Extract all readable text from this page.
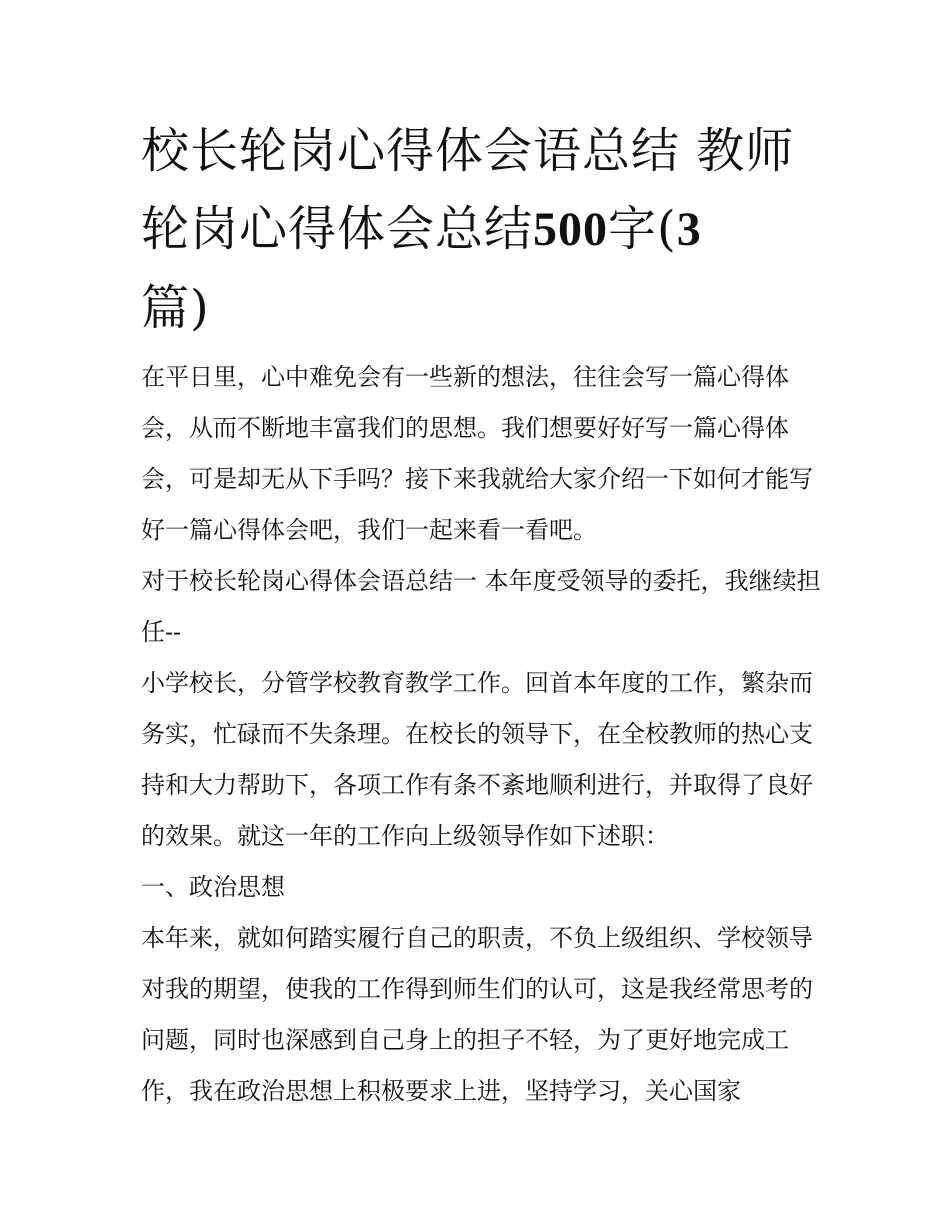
校长轮岗心得体会语总结 教师轮岗心得体会总结500字(3
篇)

在平日里，心中难免会有一些新的想法，往往会写一篇心得体会，从而不断地丰富我们的思想。我们想要好好写一篇心得体会，可是却无从下手吗？接下来我就给大家介绍一下如何才能写好一篇心得体会吧，我们一起来看一看吧。

对于校长轮岗心得体会语总结一 本年度受领导的委托，我继续担任--

小学校长，分管学校教育教学工作。回首本年度的工作，繁杂而务实，忙碌而不失条理。在校长的领导下，在全校教师的热心支持和大力帮助下，各项工作有条不紊地顺利进行，并取得了良好的效果。就这一年的工作向上级领导作如下述职：

一、政治思想

本年来，就如何踏实履行自己的职责，不负上级组织、学校领导对我的期望，使我的工作得到师生们的认可，这是我经常思考的问题，同时也深感到自己身上的担子不轻，为了更好地完成工作，我在政治思想上积极要求上进，坚持学习，关心国家
